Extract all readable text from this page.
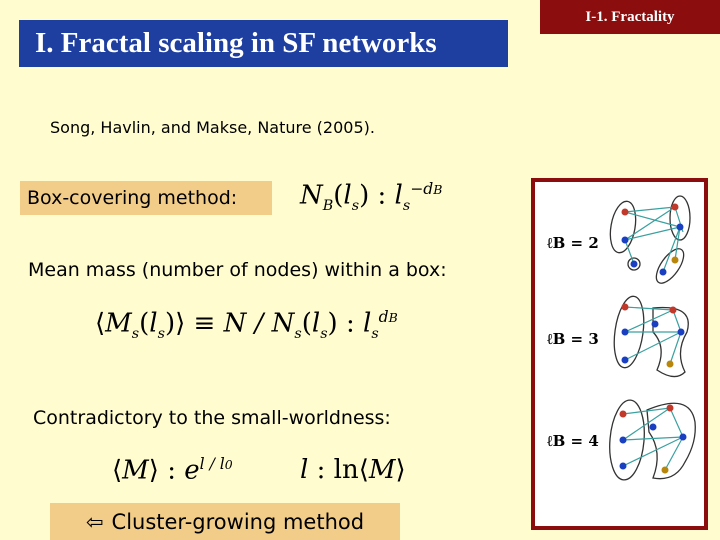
I. Fractal scaling in SF networks
I-1. Fractality
Song, Havlin, and Makse, Nature (2005).
Box-covering method:	$N_B(l_s)$ : $l_s^{-dB}$
Mean mass (number of nodes) within a box:
$⟨M_s(l_s)⟩ \equiv N / N_s(l_s)$ : $l_s^{dB}$
Contradictory to the small-worldness:
⟨M⟩ : $e^{l / l0}$	l : ln⟨M⟩
⇦ Cluster-growing method
ℓB = 2
ℓB = 3
ℓB = 4
